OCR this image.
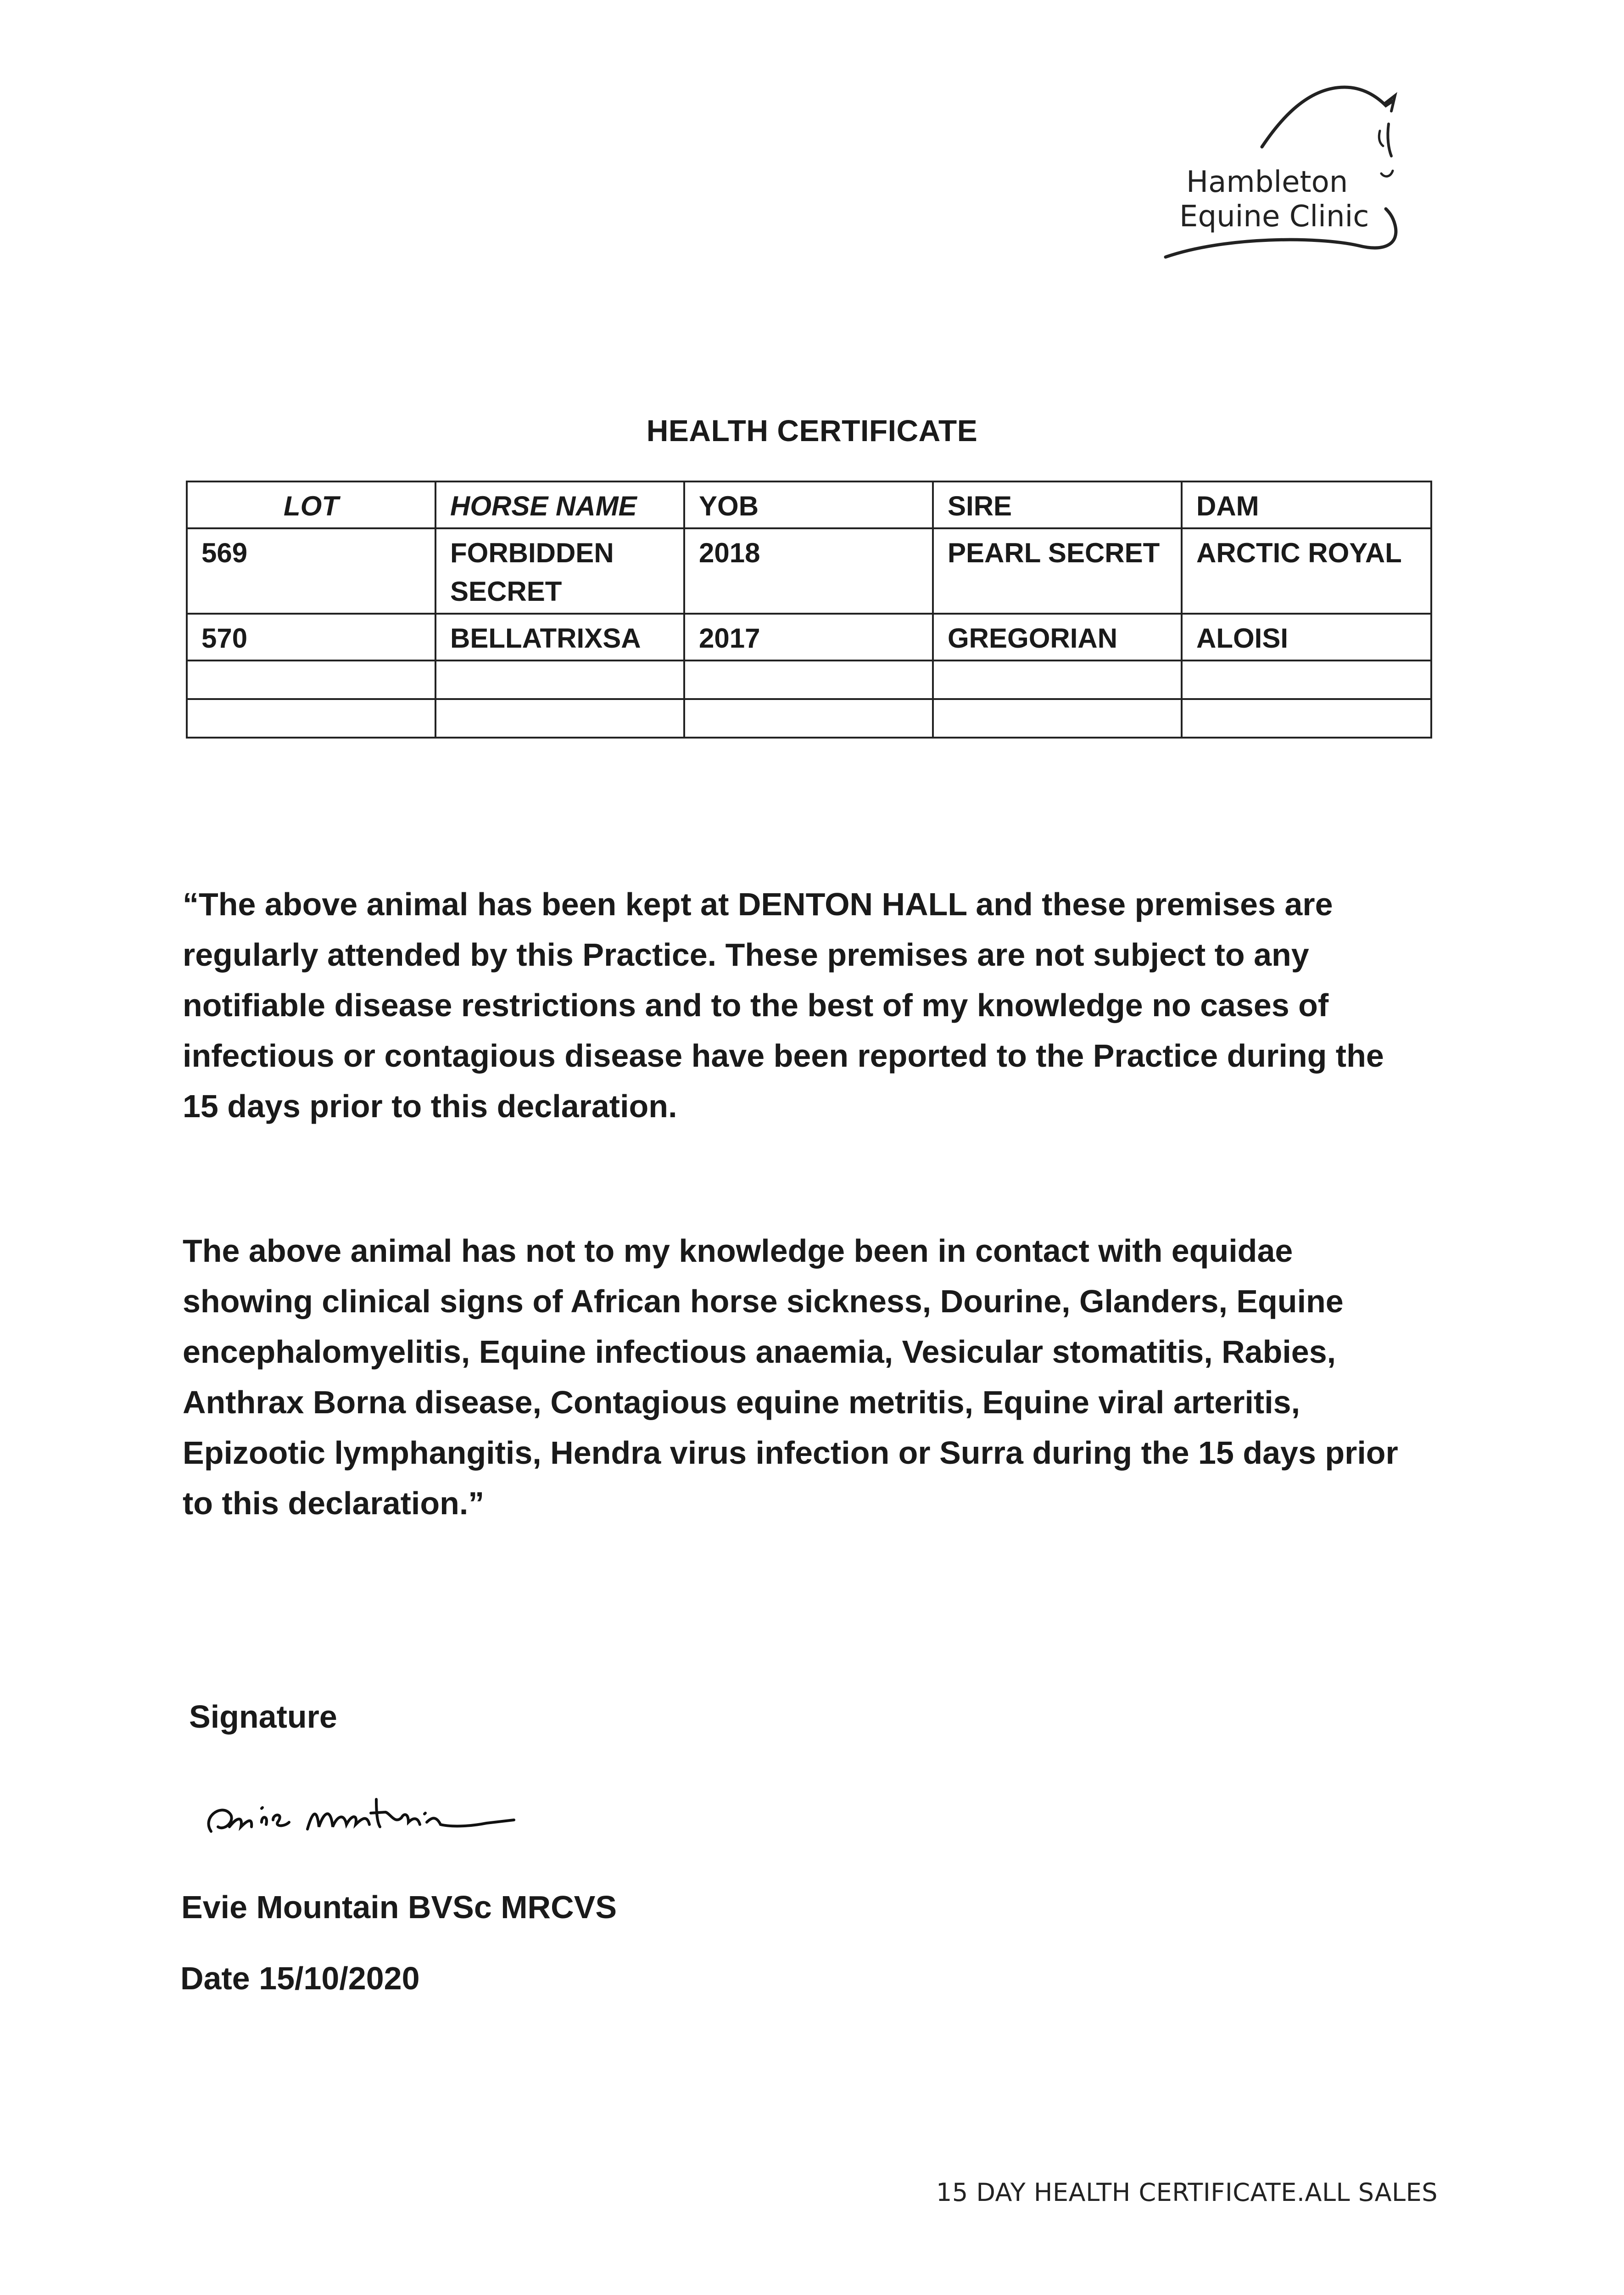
Hambleton
Equine Clinic
HEALTH CERTIFICATE
LOT	HORSE NAME	YOB	SIRE	DAM
569	FORBIDDEN SECRET	2018	PEARL SECRET	ARCTIC ROYAL
570	BELLATRIXSA	2017	GREGORIAN	ALOISI

“The above animal has been kept at DENTON HALL and these premises are regularly attended by this Practice. These premises are not subject to any notifiable disease restrictions and to the best of my knowledge no cases of infectious or contagious disease have been reported to the Practice during the 15 days prior to this declaration.
The above animal has not to my knowledge been in contact with equidae showing clinical signs of African horse sickness, Dourine, Glanders, Equine encephalomyelitis, Equine infectious anaemia, Vesicular stomatitis, Rabies, Anthrax Borna disease, Contagious equine metritis, Equine viral arteritis, Epizootic lymphangitis, Hendra virus infection or Surra during the 15 days prior to this declaration.”
Signature
Evie Mountain
Evie Mountain BVSc MRCVS
Date 15/10/2020
15 DAY HEALTH CERTIFICATE.ALL SALES
